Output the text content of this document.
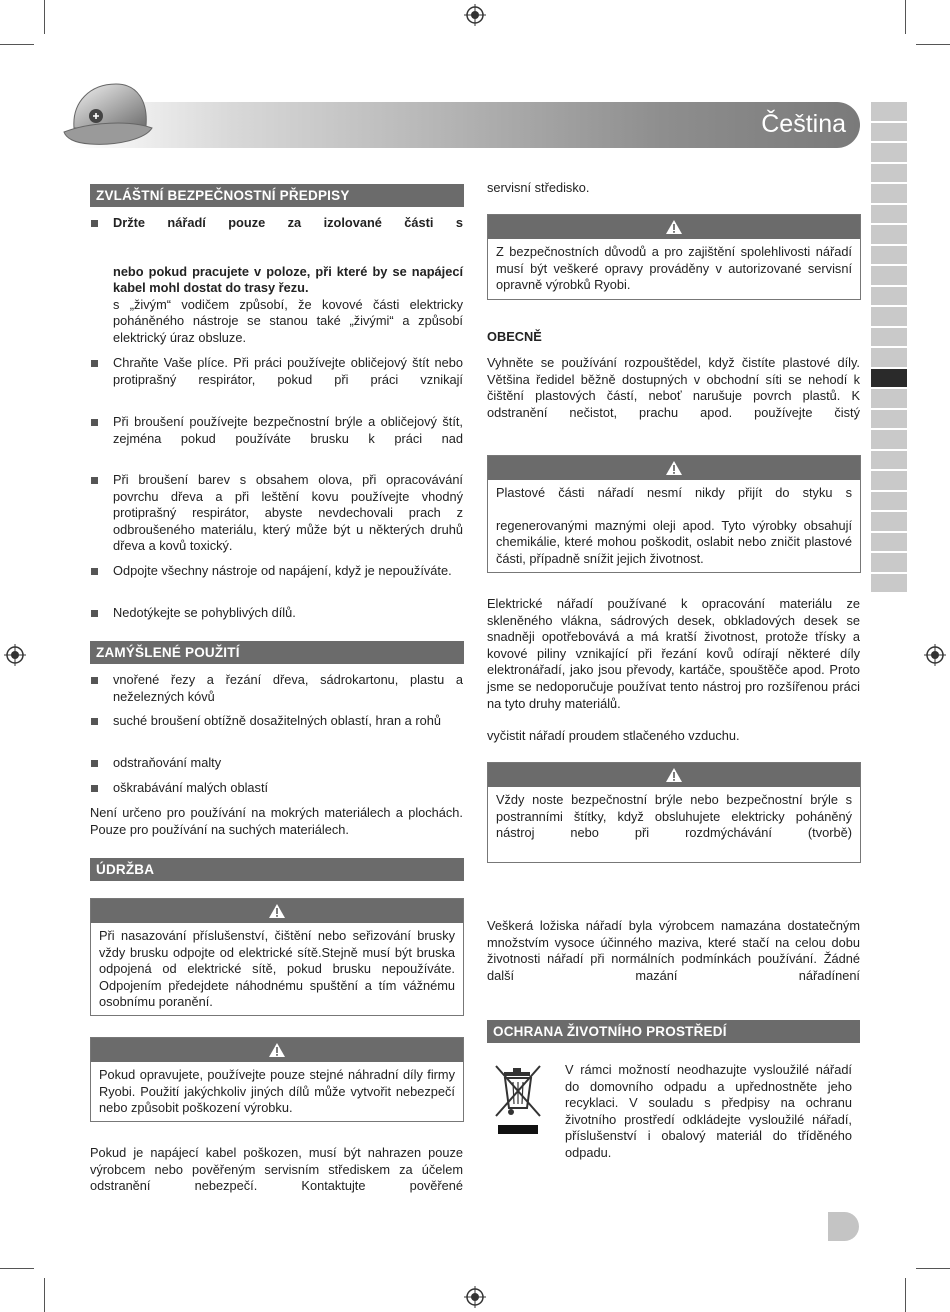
Čeština
ZVLÁŠTNÍ BEZPEČNOSTNÍ PŘEDPISY
Držte nářadí pouze za izolované části s
nebo pokud pracujete v poloze, při které by se napájecí kabel mohl dostat do trasy řezu.
s „živým“ vodičem způsobí, že kovové části elektricky poháněného nástroje se stanou také „živými“ a způsobí elektrický úraz obsluze.
Chraňte Vaše plíce. Při práci používejte obličejový štít nebo protiprašný respirátor, pokud při práci vznikají
Při broušení používejte bezpečnostní brýle a obličejový štít, zejména pokud používáte brusku k práci nad
Při broušení barev s obsahem olova, při opracovávání povrchu dřeva a při leštění kovu používejte vhodný protiprašný respirátor, abyste nevdechovali prach z odbroušeného materiálu, který může být u některých druhů dřeva a kovů toxický.
Odpojte všechny nástroje od napájení, když je nepoužíváte.
Nedotýkejte se pohyblivých dílů.
ZAMÝŠLENÉ POUŽITÍ
vnořené řezy a řezání dřeva, sádrokartonu, plastu a neželezných kóvů
suché broušení obtížně dosažitelných oblastí, hran a rohů
odstraňování malty
oškrabávání malých oblastí
Není určeno pro používání na mokrých materiálech a plochách. Pouze pro používání na suchých materiálech.
ÚDRŽBA
Při nasazování příslušenství, čištění nebo seřizování brusky vždy brusku odpojte od elektrické sítě.Stejně musí být bruska odpojená od elektrické sítě, pokud brusku nepoužíváte. Odpojením předejdete náhodnému spuštění a tím vážnému osobnímu poranění.
Pokud opravujete, používejte pouze stejné náhradní díly firmy Ryobi. Použití jakýchkoliv jiných dílů může vytvořit nebezpečí nebo způsobit poškození výrobku.
Pokud je napájecí kabel poškozen, musí být nahrazen pouze výrobcem nebo pověřeným servisním střediskem za účelem odstranění nebezpečí. Kontaktujte pověřené
servisní středisko.
Z bezpečnostních důvodů a pro zajištění spolehlivosti nářadí musí být veškeré opravy prováděny v autorizované servisní opravně výrobků Ryobi.
OBECNĚ
Vyhněte se používání rozpouštědel, když čistíte plastové díly. Většina ředidel běžně dostupných v obchodní síti se nehodí k čištění plastových částí, neboť narušuje povrch plastů. K odstranění nečistot, prachu apod. používejte čistý
Plastové části nářadí nesmí nikdy přijít do styku s
regenerovanými maznými oleji apod. Tyto výrobky obsahují chemikálie, které mohou poškodit, oslabit nebo zničit plastové části, případně snížit jejich životnost.
Elektrické nářadí používané k opracování materiálu ze skleněného vlákna, sádrových desek, obkladových desek se snadněji opotřebovává a má kratší životnost, protože třísky a kovové piliny vznikající při řezání kovů odírají některé díly elektronářadí, jako jsou převody, kartáče, spouštěče apod. Proto jsme se nedoporučuje používat tento nástroj pro rozšířenou práci na tyto druhy materiálů.
vyčistit nářadí proudem stlačeného vzduchu.
Vždy noste bezpečnostní brýle nebo bezpečnostní brýle s postranními štítky, když obsluhujete elektricky poháněný nástroj nebo při rozdmýchávání (tvorbě)
Veškerá ložiska nářadí byla výrobcem namazána dostatečným množstvím vysoce účinného maziva, které stačí na celou dobu životnosti nářadí při normálních podmínkách používání. Žádné další mazání nářadínení
OCHRANA ŽIVOTNÍHO PROSTŘEDÍ
V rámci možností neodhazujte vysloužilé nářadí do domovního odpadu a upřednostněte jeho recyklaci. V souladu s předpisy na ochranu životního prostředí odkládejte vysloužilé nářadí, příslušenství i obalový materiál do tříděného odpadu.
